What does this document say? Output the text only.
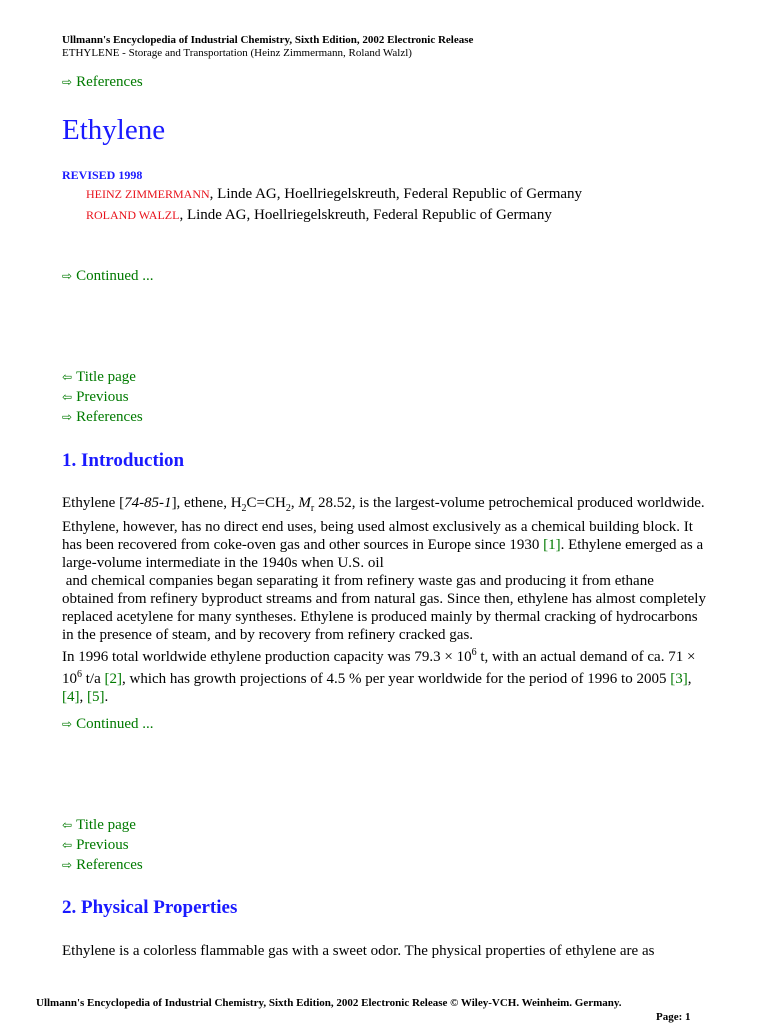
Ullmann's Encyclopedia of Industrial Chemistry, Sixth Edition, 2002 Electronic Release
ETHYLENE - Storage and Transportation (Heinz Zimmermann, Roland Walzl)
⇨ References
Ethylene
REVISED 1998
HEINZ ZIMMERMANN, Linde AG, Hoellriegelskreuth, Federal Republic of Germany
ROLAND WALZL, Linde AG, Hoellriegelskreuth, Federal Republic of Germany
⇨ Continued ...
⇦ Title page
⇦ Previous
⇨ References
1. Introduction
Ethylene [74-85-1], ethene, $H_2C=CH_2$, $M_r$ 28.52, is the largest-volume petrochemical produced worldwide. Ethylene, however, has no direct end uses, being used almost exclusively as a chemical building block. It has been recovered from coke-oven gas and other sources in Europe since 1930 [1]. Ethylene emerged as a large-volume intermediate in the 1940s when U.S. oil
and chemical companies began separating it from refinery waste gas and producing it from ethane obtained from refinery byproduct streams and from natural gas. Since then, ethylene has almost completely replaced acetylene for many syntheses. Ethylene is produced mainly by thermal cracking of hydrocarbons in the presence of steam, and by recovery from refinery cracked gas.
In 1996 total worldwide ethylene production capacity was $79.3 \times 10^6$ t, with an actual demand of ca. $71 \times 10^6$ t/a [2], which has growth projections of 4.5 % per year worldwide for the period of 1996 to 2005 [3], [4], [5].
⇨ Continued ...
⇦ Title page
⇦ Previous
⇨ References
2. Physical Properties
Ethylene is a colorless flammable gas with a sweet odor. The physical properties of ethylene are as
Ullmann's Encyclopedia of Industrial Chemistry, Sixth Edition, 2002 Electronic Release © Wiley-VCH. Weinheim. Germany.
Page: 1
